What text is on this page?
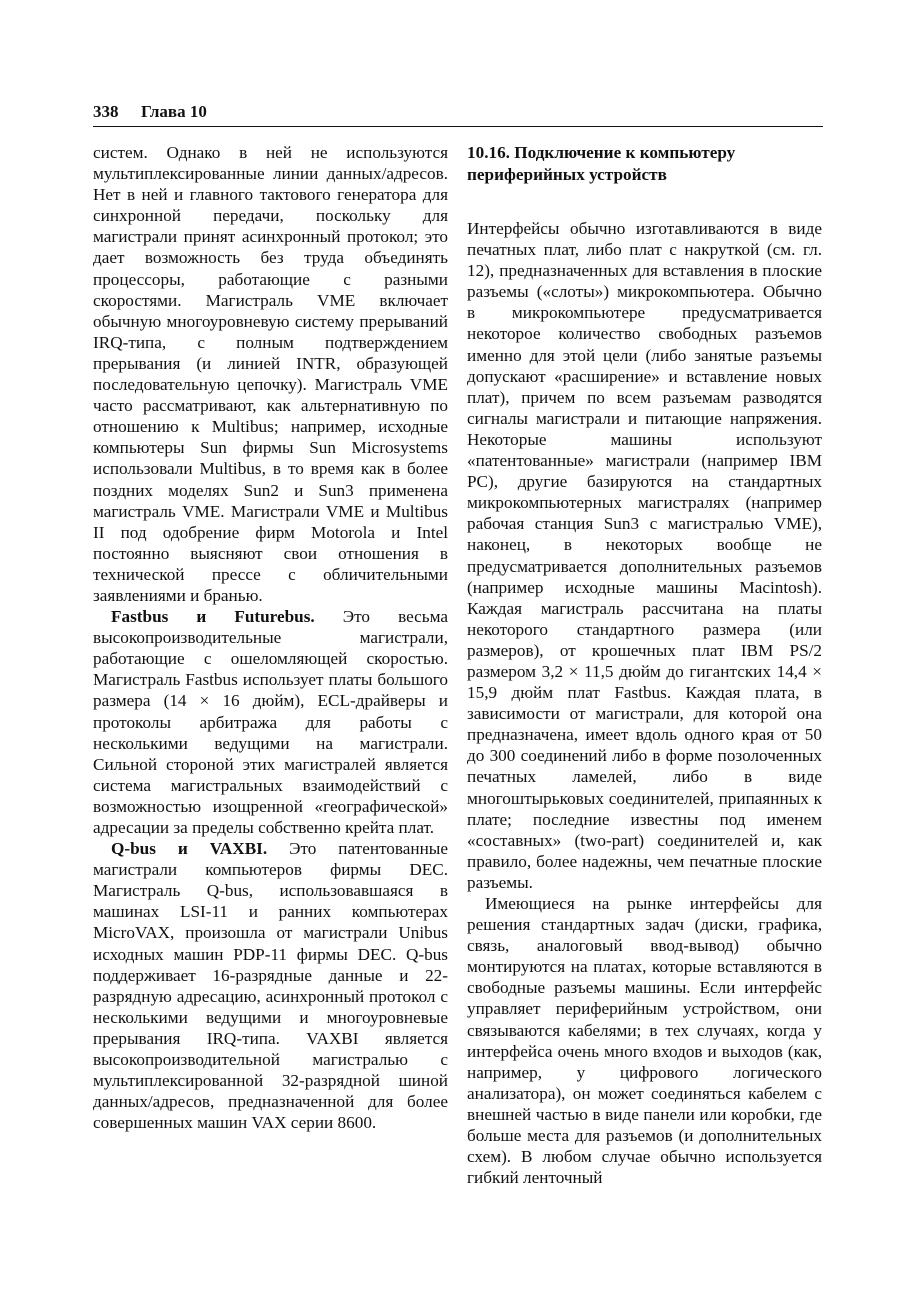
338 Глава 10

систем. Однако в ней не используются мультиплексированные линии данных/адресов. Нет в ней и главного тактового генератора для синхронной передачи, поскольку для магистрали принят асинхронный протокол; это дает возможность без труда объединять процессоры, работающие с разными скоростями. Магистраль VME включает обычную многоуровневую систему прерываний IRQ-типа, с полным подтверждением прерывания (и линией INTR, образующей последовательную цепочку). Магистраль VME часто рассматривают, как альтернативную по отношению к Multibus; например, исходные компьютеры Sun фирмы Sun Microsystems использовали Multibus, в то время как в более поздних моделях Sun2 и Sun3 применена магистраль VME. Магистрали VME и Multibus II под одобрение фирм Motorola и Intel постоянно выясняют свои отношения в технической прессе с обличительными заявлениями и бранью.

Fastbus и Futurebus. Это весьма высокопроизводительные магистрали, работающие с ошеломляющей скоростью. Магистраль Fastbus использует платы большого размера (14 × 16 дюйм), ECL-драйверы и протоколы арбитража для работы с несколькими ведущими на магистрали. Сильной стороной этих магистралей является система магистральных взаимодействий с возможностью изощренной «географической» адресации за пределы собственно крейта плат.

Q-bus и VAXBI. Это патентованные магистрали компьютеров фирмы DEC. Магистраль Q-bus, использовавшаяся в машинах LSI-11 и ранних компьютерах MicroVAX, произошла от магистрали Unibus исходных машин PDP-11 фирмы DEC. Q-bus поддерживает 16-разрядные данные и 22-разрядную адресацию, асинхронный протокол с несколькими ведущими и многоуровневые прерывания IRQ-типа. VAXBI является высокопроизводительной магистралью с мультиплексированной 32-разрядной шиной данных/адресов, предназначенной для более совершенных машин VAX серии 8600.

10.16. Подключение к компьютеру периферийных устройств

Интерфейсы обычно изготавливаются в виде печатных плат, либо плат с накруткой (см. гл. 12), предназначенных для вставления в плоские разъемы («слоты») микрокомпьютера. Обычно в микрокомпьютере предусматривается некоторое количество свободных разъемов именно для этой цели (либо занятые разъемы допускают «расширение» и вставление новых плат), причем по всем разъемам разводятся сигналы магистрали и питающие напряжения. Некоторые машины используют «патентованные» магистрали (например IBM PC), другие базируются на стандартных микрокомпьютерных магистралях (например рабочая станция Sun3 с магистралью VME), наконец, в некоторых вообще не предусматривается дополнительных разъемов (например исходные машины Macintosh). Каждая магистраль рассчитана на платы некоторого стандартного размера (или размеров), от крошечных плат IBM PS/2 размером 3,2 × 11,5 дюйм до гигантских 14,4 × 15,9 дюйм плат Fastbus. Каждая плата, в зависимости от магистрали, для которой она предназначена, имеет вдоль одного края от 50 до 300 соединений либо в форме позолоченных печатных ламелей, либо в виде многоштырьковых соединителей, припаянных к плате; последние известны под именем «составных» (two-part) соединителей и, как правило, более надежны, чем печатные плоские разъемы.

Имеющиеся на рынке интерфейсы для решения стандартных задач (диски, графика, связь, аналоговый ввод-вывод) обычно монтируются на платах, которые вставляются в свободные разъемы машины. Если интерфейс управляет периферийным устройством, они связываются кабелями; в тех случаях, когда у интерфейса очень много входов и выходов (как, например, у цифрового логического анализатора), он может соединяться кабелем с внешней частью в виде панели или коробки, где больше места для разъемов (и дополнительных схем). В любом случае обычно используется гибкий ленточный
